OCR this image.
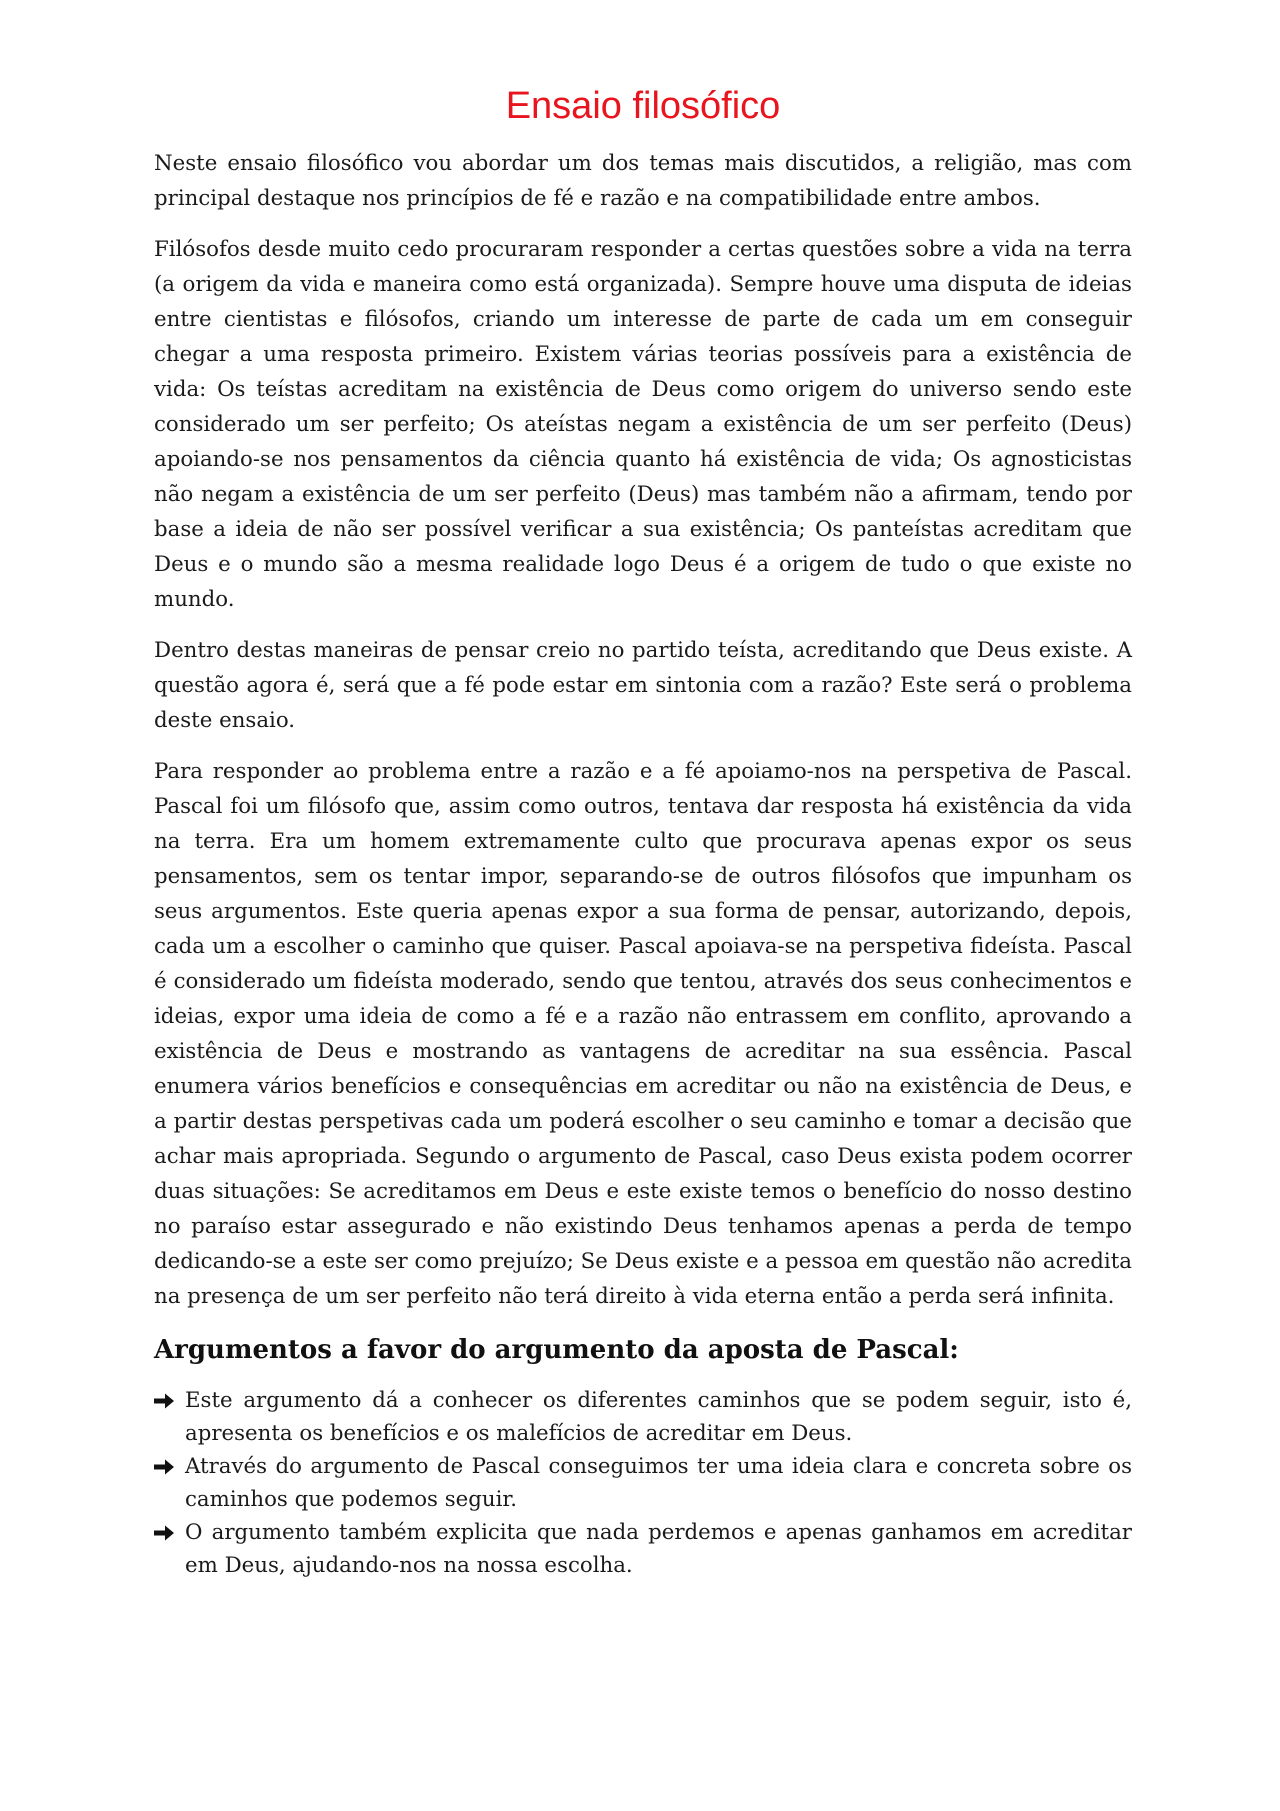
Ensaio filosófico

Neste ensaio filosófico vou abordar um dos temas mais discutidos, a religião, mas com principal destaque nos princípios de fé e razão e na compatibilidade entre ambos.

Filósofos desde muito cedo procuraram responder a certas questões sobre a vida na terra (a origem da vida e maneira como está organizada). Sempre houve uma disputa de ideias entre cientistas e filósofos, criando um interesse de parte de cada um em conseguir chegar a uma resposta primeiro. Existem várias teorias possíveis para a existência de vida: Os teístas acreditam na existência de Deus como origem do universo sendo este considerado um ser perfeito; Os ateístas negam a existência de um ser perfeito (Deus) apoiando-se nos pensamentos da ciência quanto há existência de vida; Os agnosticistas não negam a existência de um ser perfeito (Deus) mas também não a afirmam, tendo por base a ideia de não ser possível verificar a sua existência; Os panteístas acreditam que Deus e o mundo são a mesma realidade logo Deus é a origem de tudo o que existe no mundo.

Dentro destas maneiras de pensar creio no partido teísta, acreditando que Deus existe. A questão agora é, será que a fé pode estar em sintonia com a razão? Este será o problema deste ensaio.

Para responder ao problema entre a razão e a fé apoiamo-nos na perspetiva de Pascal. Pascal foi um filósofo que, assim como outros, tentava dar resposta há existência da vida na terra. Era um homem extremamente culto que procurava apenas expor os seus pensamentos, sem os tentar impor, separando-se de outros filósofos que impunham os seus argumentos. Este queria apenas expor a sua forma de pensar, autorizando, depois, cada um a escolher o caminho que quiser. Pascal apoiava-se na perspetiva fideísta. Pascal é considerado um fideísta moderado, sendo que tentou, através dos seus conhecimentos e ideias, expor uma ideia de como a fé e a razão não entrassem em conflito, aprovando a existência de Deus e mostrando as vantagens de acreditar na sua essência. Pascal enumera vários benefícios e consequências em acreditar ou não na existência de Deus, e a partir destas perspetivas cada um poderá escolher o seu caminho e tomar a decisão que achar mais apropriada. Segundo o argumento de Pascal, caso Deus exista podem ocorrer duas situações: Se acreditamos em Deus e este existe temos o benefício do nosso destino no paraíso estar assegurado e não existindo Deus tenhamos apenas a perda de tempo dedicando-se a este ser como prejuízo; Se Deus existe e a pessoa em questão não acredita na presença de um ser perfeito não terá direito à vida eterna então a perda será infinita.

Argumentos a favor do argumento da aposta de Pascal:
Este argumento dá a conhecer os diferentes caminhos que se podem seguir, isto é, apresenta os benefícios e os malefícios de acreditar em Deus.
Através do argumento de Pascal conseguimos ter uma ideia clara e concreta sobre os caminhos que podemos seguir.
O argumento também explicita que nada perdemos e apenas ganhamos em acreditar em Deus, ajudando-nos na nossa escolha.
